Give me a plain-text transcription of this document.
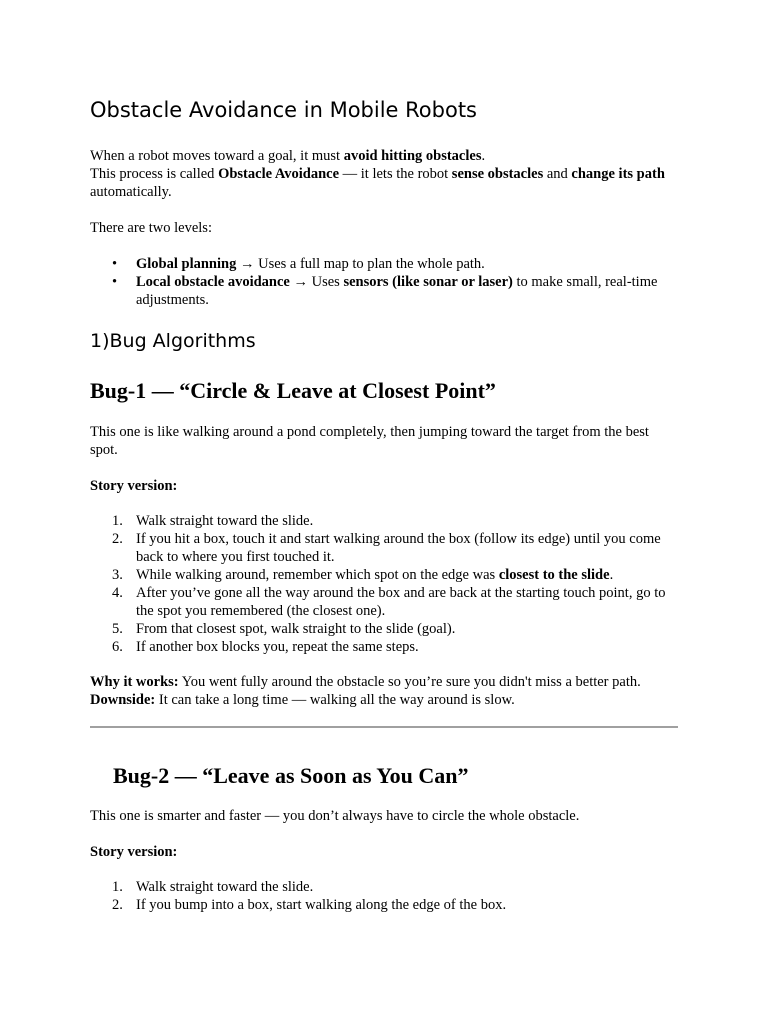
Obstacle Avoidance in Mobile Robots

When a robot moves toward a goal, it must avoid hitting obstacles.
This process is called Obstacle Avoidance — it lets the robot sense obstacles and change its path automatically.

There are two levels:

• Global planning → Uses a full map to plan the whole path.
• Local obstacle avoidance → Uses sensors (like sonar or laser) to make small, real-time adjustments.
1)Bug Algorithms
Bug-1 — “Circle & Leave at Closest Point”

This one is like walking around a pond completely, then jumping toward the target from the best spot.

Story version:

1. Walk straight toward the slide.
2. If you hit a box, touch it and start walking around the box (follow its edge) until you come back to where you first touched it.
3. While walking around, remember which spot on the edge was closest to the slide.
4. After you’ve gone all the way around the box and are back at the starting touch point, go to the spot you remembered (the closest one).
5. From that closest spot, walk straight to the slide (goal).
6. If another box blocks you, repeat the same steps.

Why it works: You went fully around the obstacle so you’re sure you didn't miss a better path.
Downside: It can take a long time — walking all the way around is slow.

Bug-2 — “Leave as Soon as You Can”

This one is smarter and faster — you don’t always have to circle the whole obstacle.

Story version:

1. Walk straight toward the slide.
2. If you bump into a box, start walking along the edge of the box.
